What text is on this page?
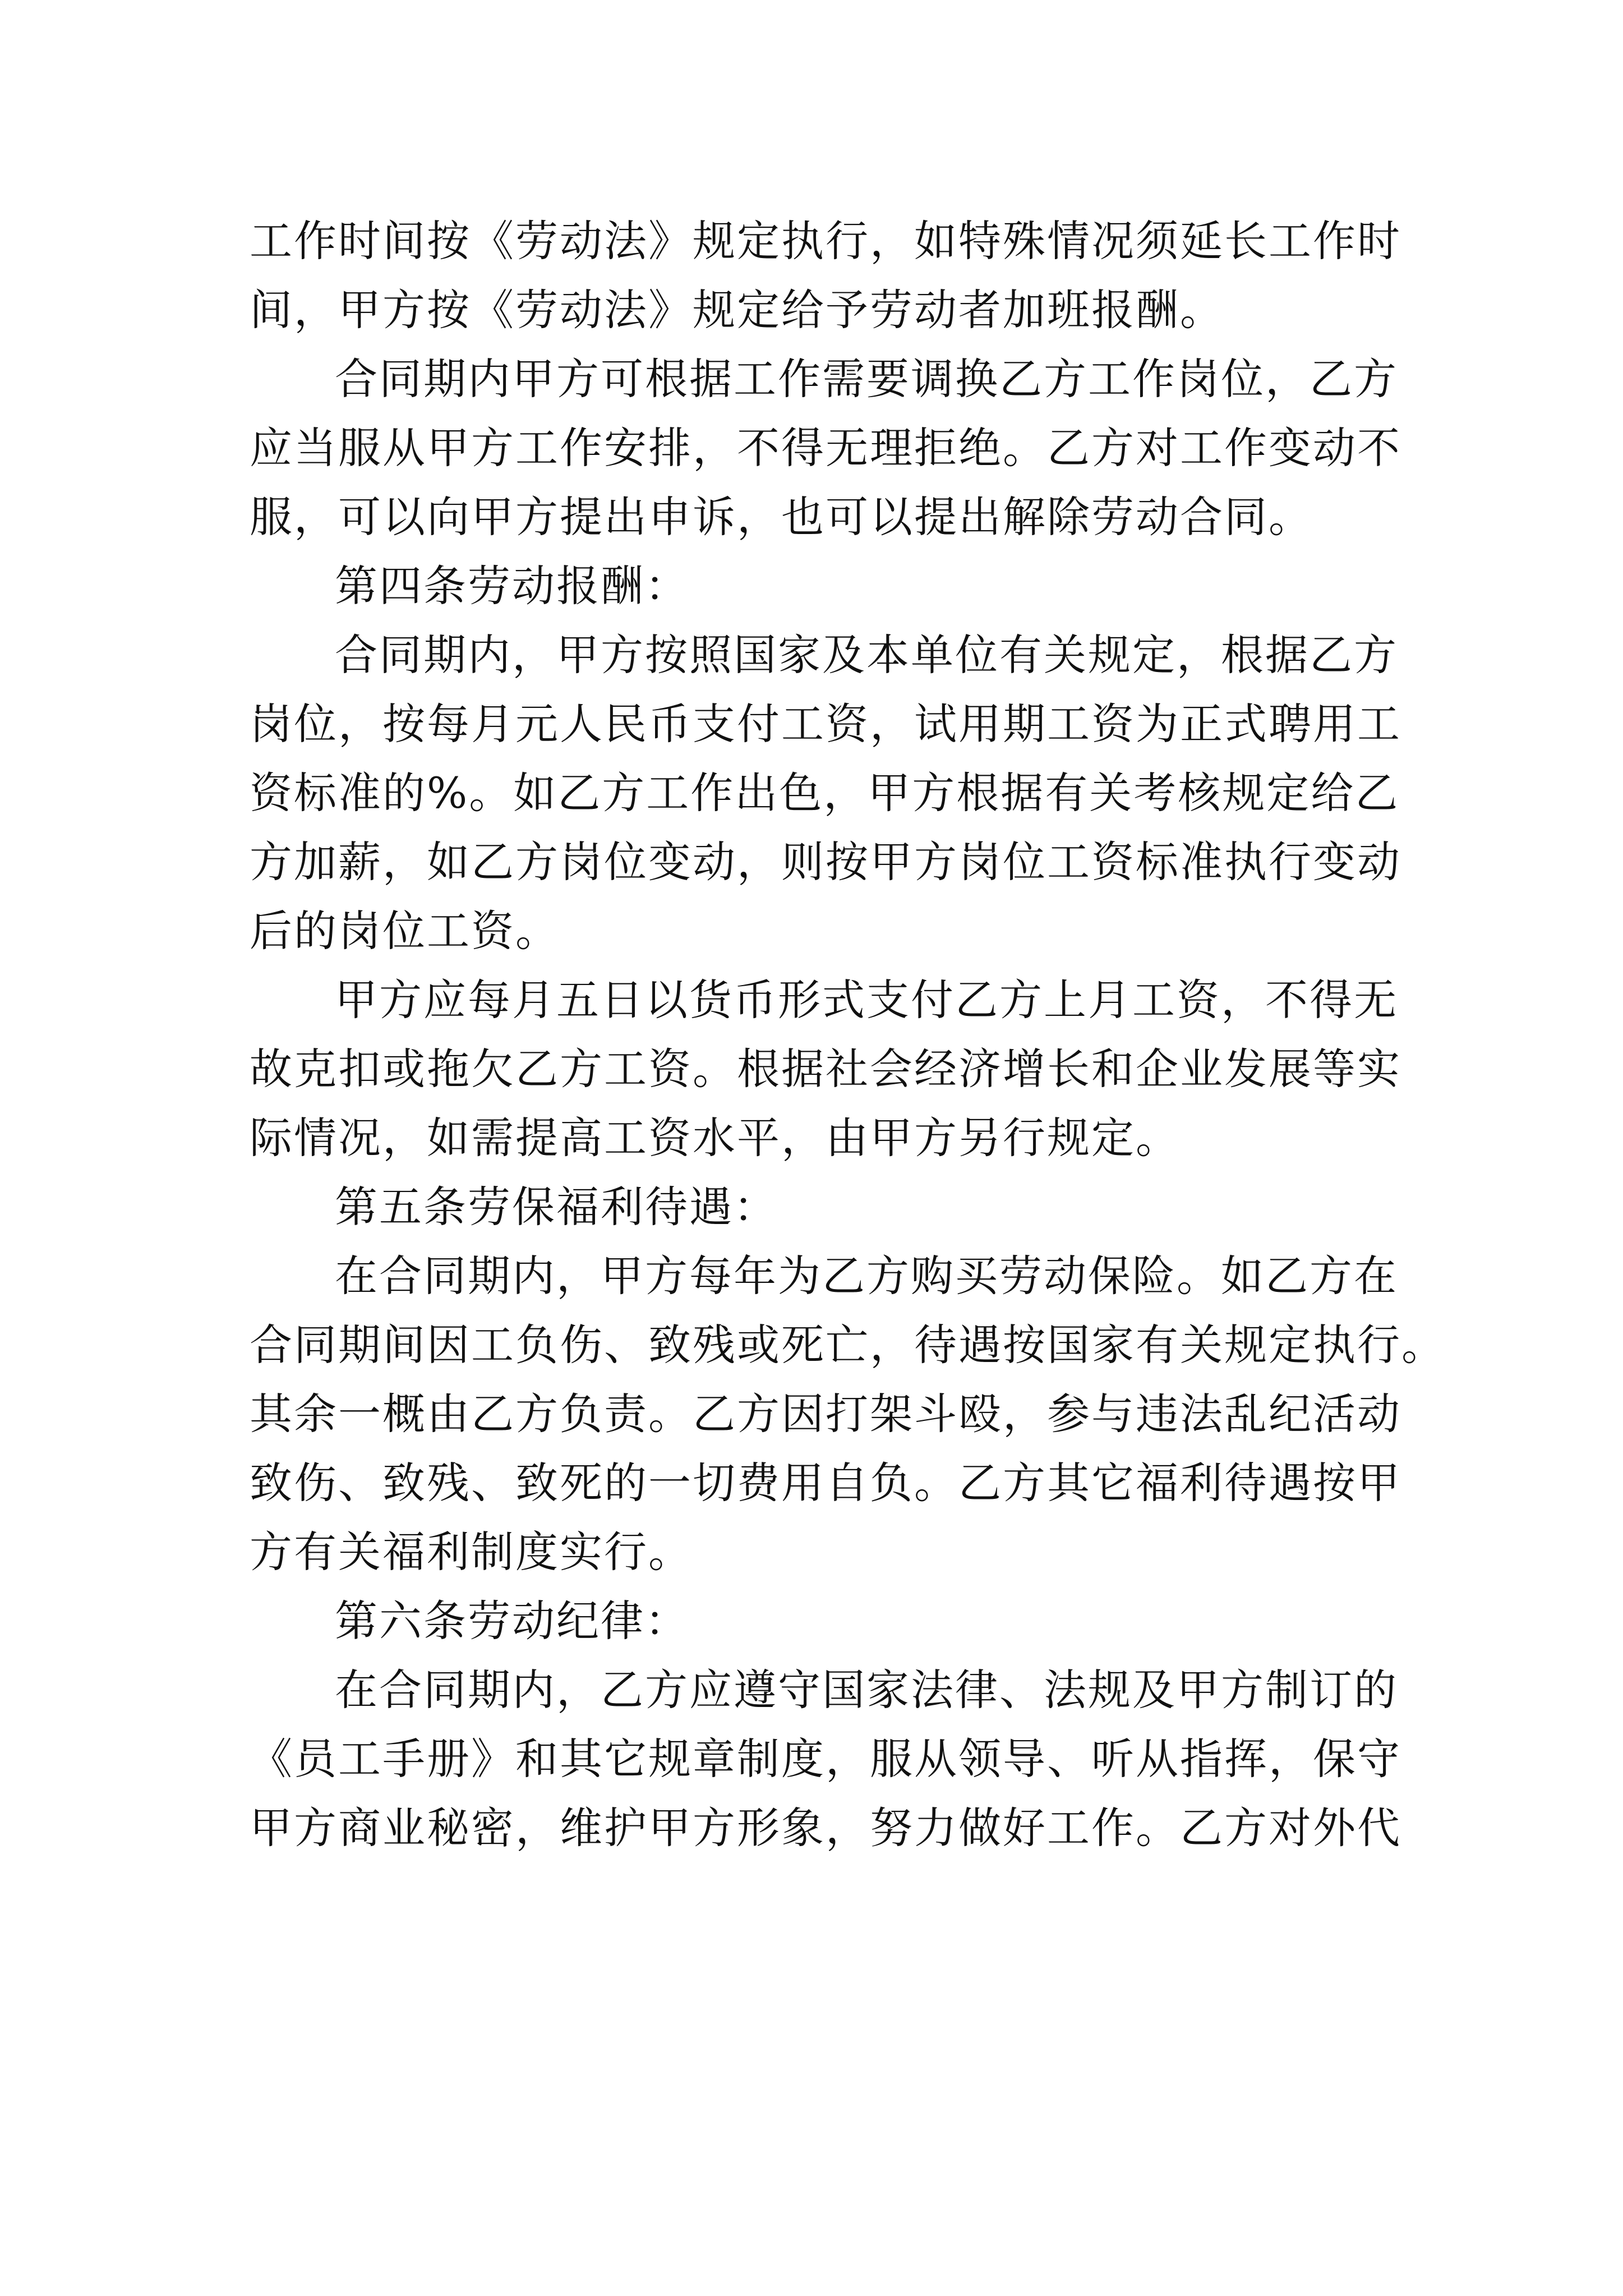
工作时间按《劳动法》规定执行，如特殊情况须延长工作时
间，甲方按《劳动法》规定给予劳动者加班报酬。
合同期内甲方可根据工作需要调换乙方工作岗位，乙方
应当服从甲方工作安排，不得无理拒绝。乙方对工作变动不
服，可以向甲方提出申诉，也可以提出解除劳动合同。
第四条劳动报酬：
合同期内，甲方按照国家及本单位有关规定，根据乙方
岗位，按每月元人民币支付工资，试用期工资为正式聘用工
资标准的%。如乙方工作出色，甲方根据有关考核规定给乙
方加薪，如乙方岗位变动，则按甲方岗位工资标准执行变动
后的岗位工资。
甲方应每月五日以货币形式支付乙方上月工资，不得无
故克扣或拖欠乙方工资。根据社会经济增长和企业发展等实
际情况，如需提高工资水平，由甲方另行规定。
第五条劳保福利待遇：
在合同期内，甲方每年为乙方购买劳动保险。如乙方在
合同期间因工负伤、致残或死亡，待遇按国家有关规定执行。
其余一概由乙方负责。乙方因打架斗殴，参与违法乱纪活动
致伤、致残、致死的一切费用自负。乙方其它福利待遇按甲
方有关福利制度实行。
第六条劳动纪律：
在合同期内，乙方应遵守国家法律、法规及甲方制订的
《员工手册》和其它规章制度，服从领导、听从指挥，保守
甲方商业秘密，维护甲方形象，努力做好工作。乙方对外代
